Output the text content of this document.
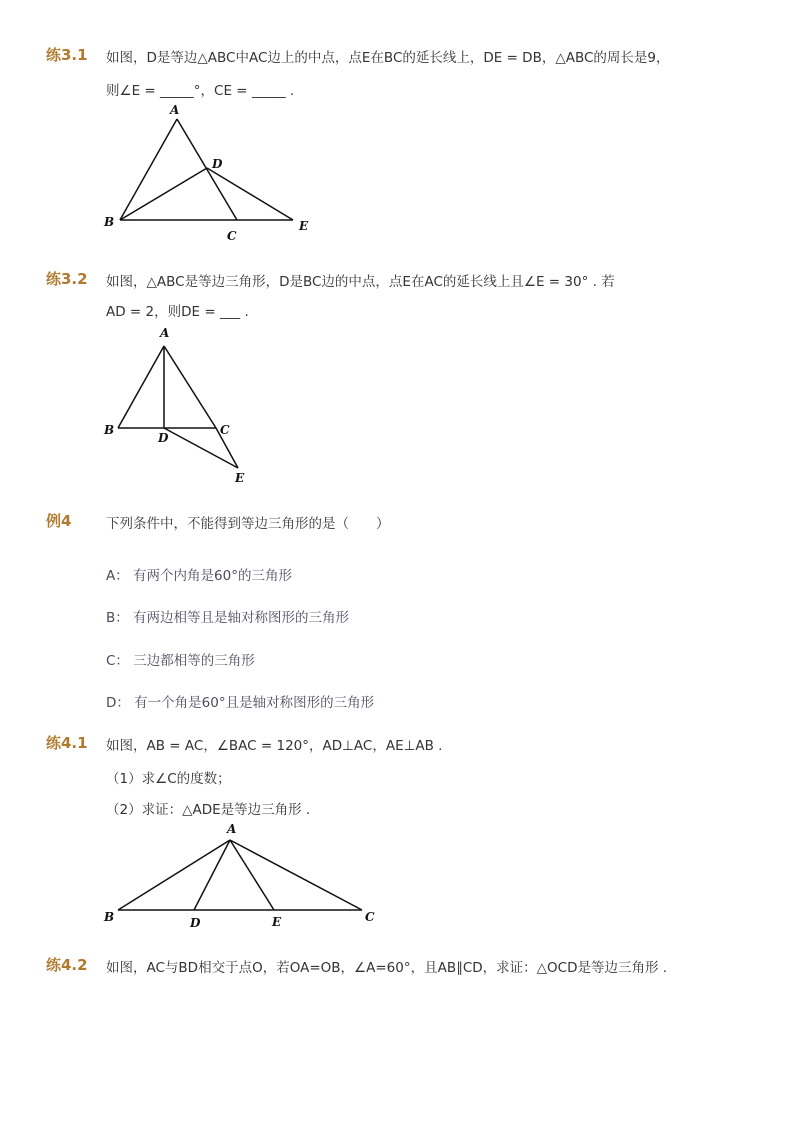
练3.1 如图，D是等边△ABC中AC边上的中点，点E在BC的延长线上，DE = DB，△ABC的周长是9，
则∠E = _____°，CE = _____ .
A
B
C
D
E
练3.2 如图，△ABC是等边三角形，D是BC边的中点，点E在AC的延长线上且∠E = 30° . 若
AD = 2，则DE = ___ .
A
B	C
D
E
例4	下列条件中，不能得到等边三角形的是（　　）
A： 有两个内角是60°的三角形
B： 有两边相等且是轴对称图形的三角形
C： 三边都相等的三角形
D： 有一个角是60°且是轴对称图形的三角形
练4.1 如图，AB = AC，∠BAC = 120°，AD⊥AC，AE⊥AB .
（1）求∠C的度数；
（2）求证：△ADE是等边三角形 .
A
B	C
D	E
练4.2 如图，AC与BD相交于点O，若OA=OB，∠A=60°，且AB∥CD，求证：△OCD是等边三角形 .
